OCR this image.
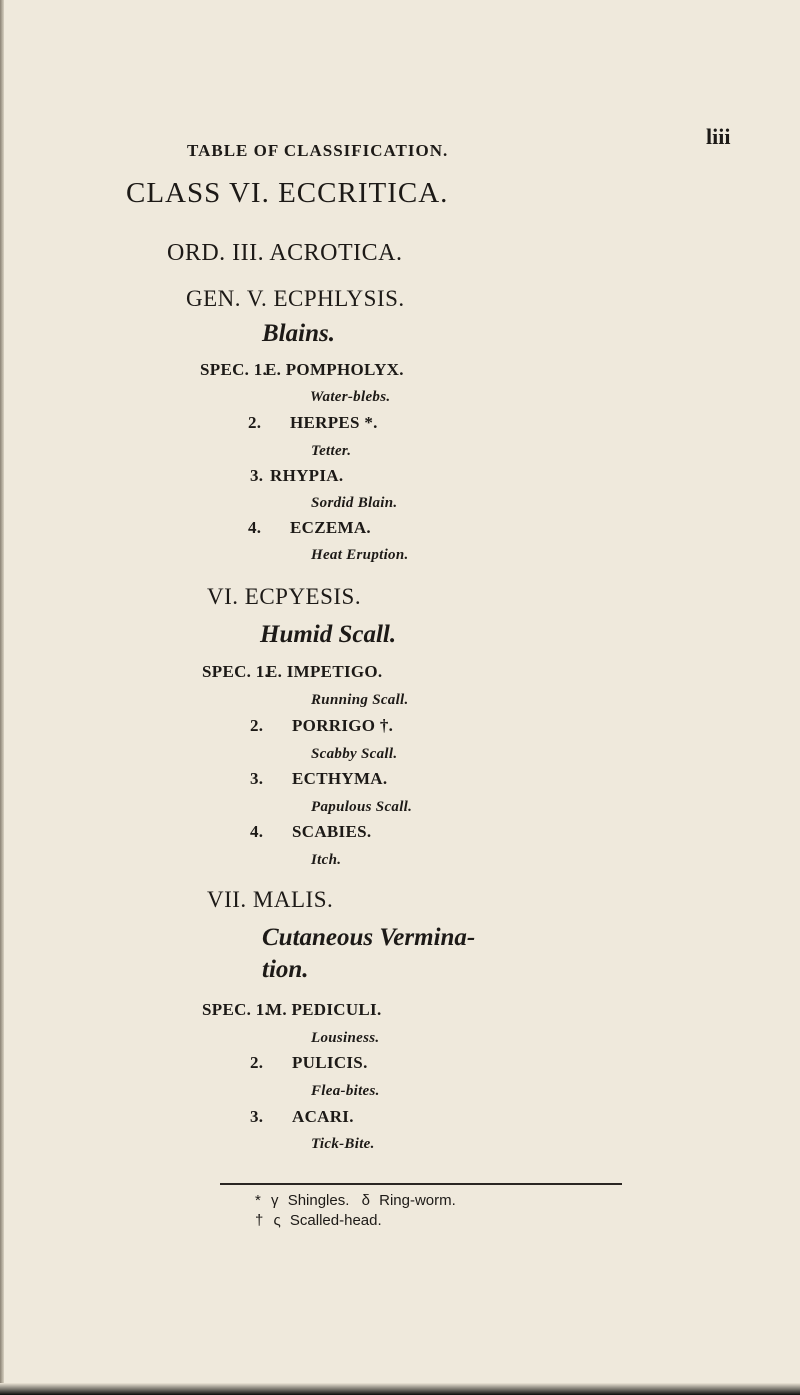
TABLE OF CLASSIFICATION.
liii
CLASS VI. ECCRITICA.
ORD. III. ACROTICA.
GEN. V. ECPHLYSIS.
Blains.
SPEC. 1.
E. POMPHOLYX.
Water-blebs.
2. HERPES *.
Tetter.
3. RHYPIA.
Sordid Blain.
4. ECZEMA.
Heat Eruption.
VI. ECPYESIS.
Humid Scall.
SPEC. 1.
E. IMPETIGO.
Running Scall.
2. PORRIGO †.
Scabby Scall.
3. ECTHYMA.
Papulous Scall.
4. SCABIES.
Itch.
VII. MALIS.
Cutaneous Vermina-
tion.
SPEC. 1.
M. PEDICULI.
Lousiness.
2. PULICIS.
Flea-bites.
3. ACARI.
Tick-Bite.
* γ Shingles. δ Ring-worm.
† ς Scalled-head.
